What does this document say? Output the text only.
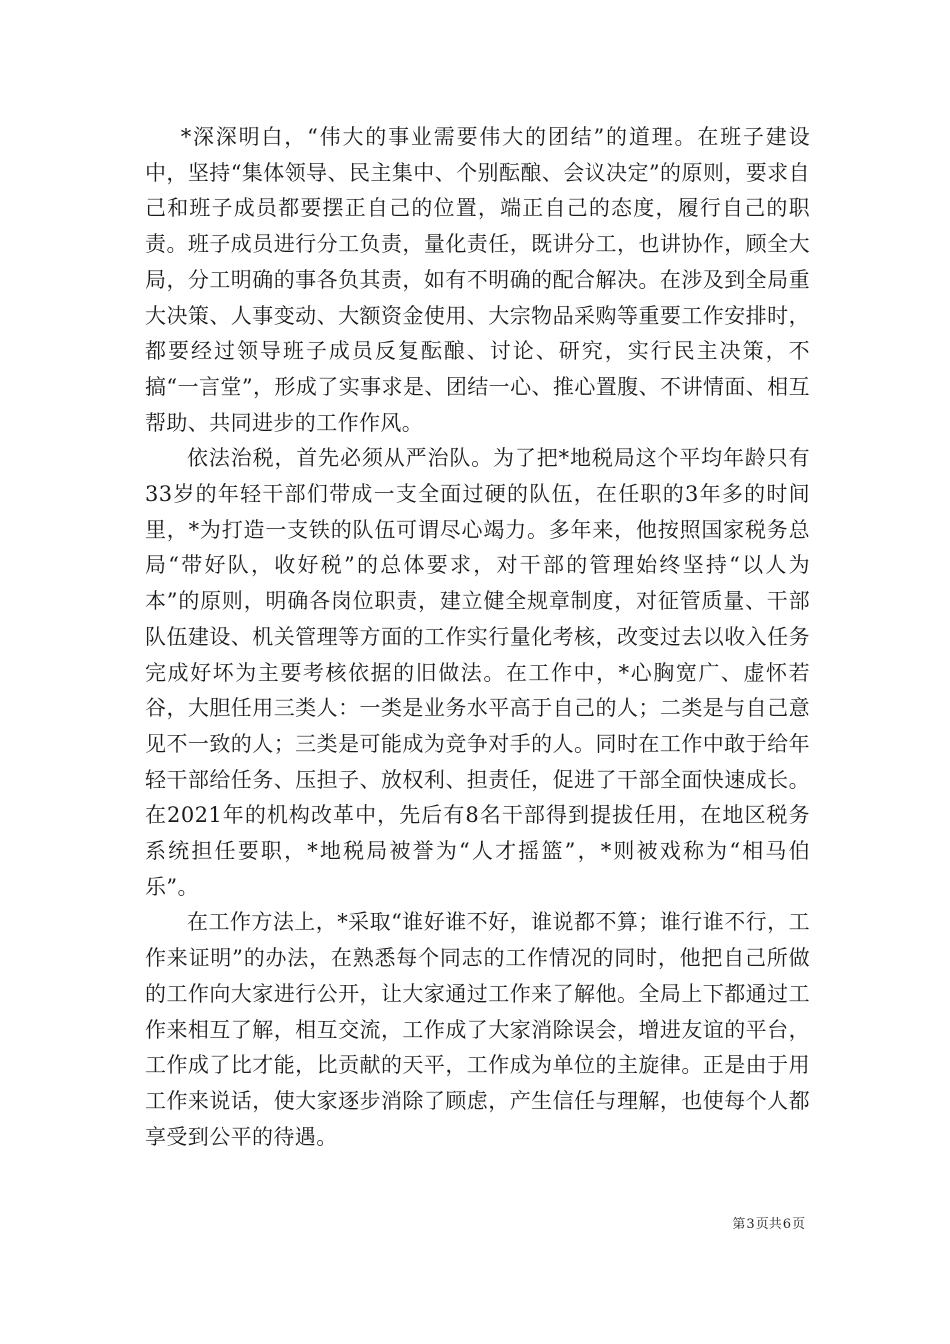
*深深明白，“伟大的事业需要伟大的团结”的道理。在班子建设中，坚持“集体领导、民主集中、个别酝酿、会议决定”的原则，要求自己和班子成员都要摆正自己的位置，端正自己的态度，履行自己的职责。班子成员进行分工负责，量化责任，既讲分工，也讲协作，顾全大局，分工明确的事各负其责，如有不明确的配合解决。在涉及到全局重大决策、人事变动、大额资金使用、大宗物品采购等重要工作安排时，都要经过领导班子成员反复酝酿、讨论、研究，实行民主决策，不搞“一言堂”，形成了实事求是、团结一心、推心置腹、不讲情面、相互帮助、共同进步的工作作风。

依法治税，首先必须从严治队。为了把*地税局这个平均年龄只有33岁的年轻干部们带成一支全面过硬的队伍，在任职的3年多的时间里，*为打造一支铁的队伍可谓尽心竭力。多年来，他按照国家税务总局“带好队，收好税”的总体要求，对干部的管理始终坚持“以人为本”的原则，明确各岗位职责，建立健全规章制度，对征管质量、干部队伍建设、机关管理等方面的工作实行量化考核，改变过去以收入任务完成好坏为主要考核依据的旧做法。在工作中，*心胸宽广、虚怀若谷，大胆任用三类人：一类是业务水平高于自己的人；二类是与自己意见不一致的人；三类是可能成为竞争对手的人。同时在工作中敢于给年轻干部给任务、压担子、放权利、担责任，促进了干部全面快速成长。在2021年的机构改革中，先后有8名干部得到提拔任用，在地区税务系统担任要职，*地税局被誉为“人才摇篮”，*则被戏称为“相马伯乐”。

在工作方法上，*采取“谁好谁不好，谁说都不算；谁行谁不行，工作来证明”的办法，在熟悉每个同志的工作情况的同时，他把自己所做的工作向大家进行公开，让大家通过工作来了解他。全局上下都通过工作来相互了解，相互交流，工作成了大家消除误会，增进友谊的平台，工作成了比才能，比贡献的天平，工作成为单位的主旋律。正是由于用工作来说话，使大家逐步消除了顾虑，产生信任与理解，也使每个人都享受到公平的待遇。

第3页共6页
